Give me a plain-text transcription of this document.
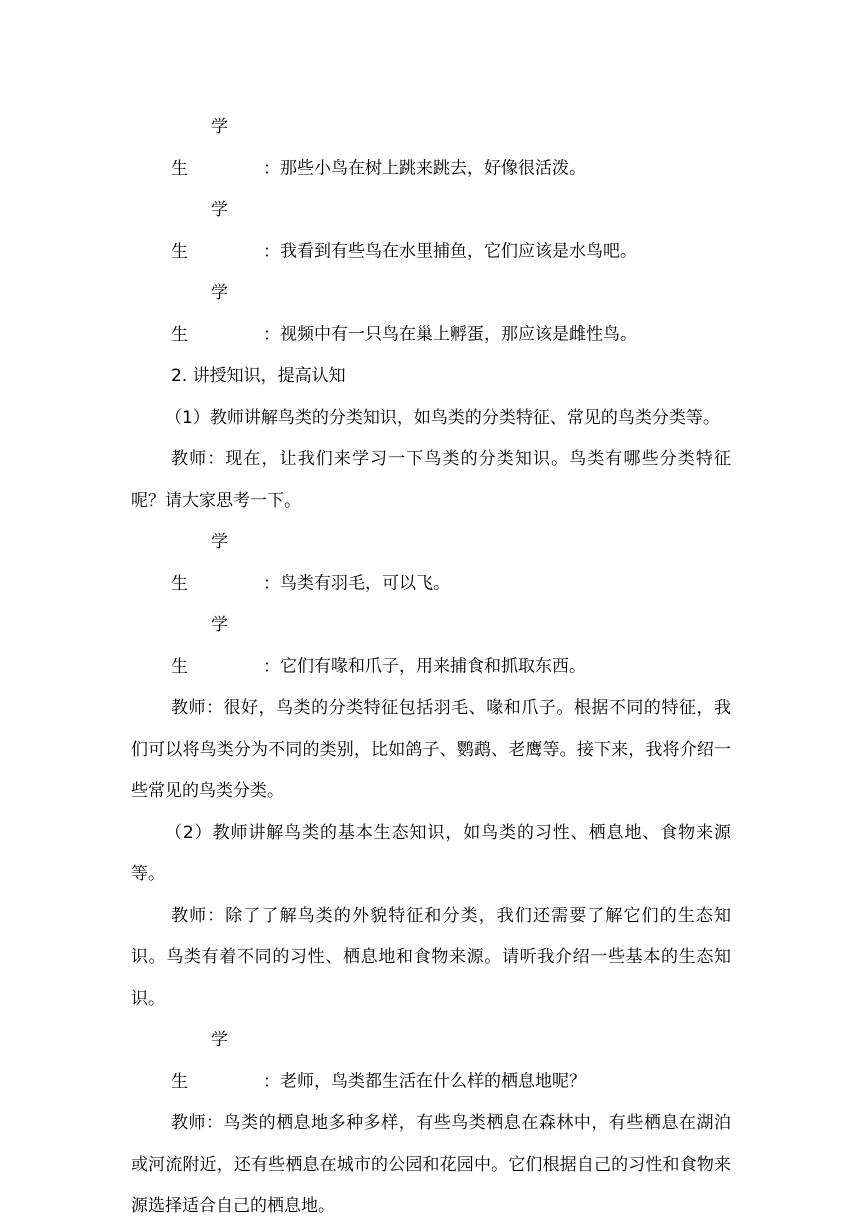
学生	：那些小鸟在树上跳来跳去，好像很活泼。

学生	：我看到有些鸟在水里捕鱼，它们应该是水鸟吧。

学生	：视频中有一只鸟在巢上孵蛋，那应该是雌性鸟。

2. 讲授知识，提高认知

（1）教师讲解鸟类的分类知识，如鸟类的分类特征、常见的鸟类分类等。

教师：现在，让我们来学习一下鸟类的分类知识。鸟类有哪些分类特征呢？请大家思考一下。

学生	：鸟类有羽毛，可以飞。

学生	：它们有喙和爪子，用来捕食和抓取东西。

教师：很好，鸟类的分类特征包括羽毛、喙和爪子。根据不同的特征，我们可以将鸟类分为不同的类别，比如鸽子、鹦鹉、老鹰等。接下来，我将介绍一些常见的鸟类分类。

（2）教师讲解鸟类的基本生态知识，如鸟类的习性、栖息地、食物来源等。

教师：除了了解鸟类的外貌特征和分类，我们还需要了解它们的生态知识。鸟类有着不同的习性、栖息地和食物来源。请听我介绍一些基本的生态知识。

学生	：老师，鸟类都生活在什么样的栖息地呢？

教师：鸟类的栖息地多种多样，有些鸟类栖息在森林中，有些栖息在湖泊或河流附近，还有些栖息在城市的公园和花园中。它们根据自己的习性和食物来源选择适合自己的栖息地。
